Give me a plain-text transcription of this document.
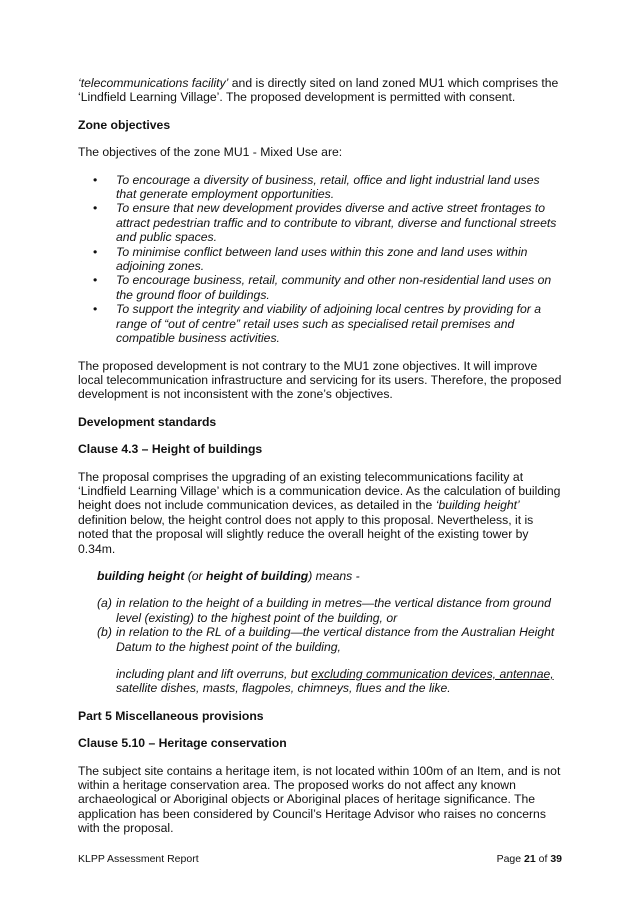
‘telecommunications facility’ and is directly sited on land zoned MU1 which comprises the ‘Lindfield Learning Village’. The proposed development is permitted with consent.

Zone objectives

The objectives of the zone MU1 - Mixed Use are:

• To encourage a diversity of business, retail, office and light industrial land uses that generate employment opportunities.
• To ensure that new development provides diverse and active street frontages to attract pedestrian traffic and to contribute to vibrant, diverse and functional streets and public spaces.
• To minimise conflict between land uses within this zone and land uses within adjoining zones.
• To encourage business, retail, community and other non-residential land uses on the ground floor of buildings.
• To support the integrity and viability of adjoining local centres by providing for a range of “out of centre” retail uses such as specialised retail premises and compatible business activities.

The proposed development is not contrary to the MU1 zone objectives. It will improve local telecommunication infrastructure and servicing for its users. Therefore, the proposed development is not inconsistent with the zone’s objectives.

Development standards

Clause 4.3 – Height of buildings

The proposal comprises the upgrading of an existing telecommunications facility at ‘Lindfield Learning Village’ which is a communication device. As the calculation of building height does not include communication devices, as detailed in the ‘building height’ definition below, the height control does not apply to this proposal. Nevertheless, it is noted that the proposal will slightly reduce the overall height of the existing tower by 0.34m.

building height (or height of building) means -

(a) in relation to the height of a building in metres—the vertical distance from ground level (existing) to the highest point of the building, or
(b) in relation to the RL of a building—the vertical distance from the Australian Height Datum to the highest point of the building,

including plant and lift overruns, but excluding communication devices, antennae, satellite dishes, masts, flagpoles, chimneys, flues and the like.

Part 5 Miscellaneous provisions

Clause 5.10 – Heritage conservation

The subject site contains a heritage item, is not located within 100m of an Item, and is not within a heritage conservation area. The proposed works do not affect any known archaeological or Aboriginal objects or Aboriginal places of heritage significance. The application has been considered by Council’s Heritage Advisor who raises no concerns with the proposal.

KLPP Assessment Report	Page 21 of 39
